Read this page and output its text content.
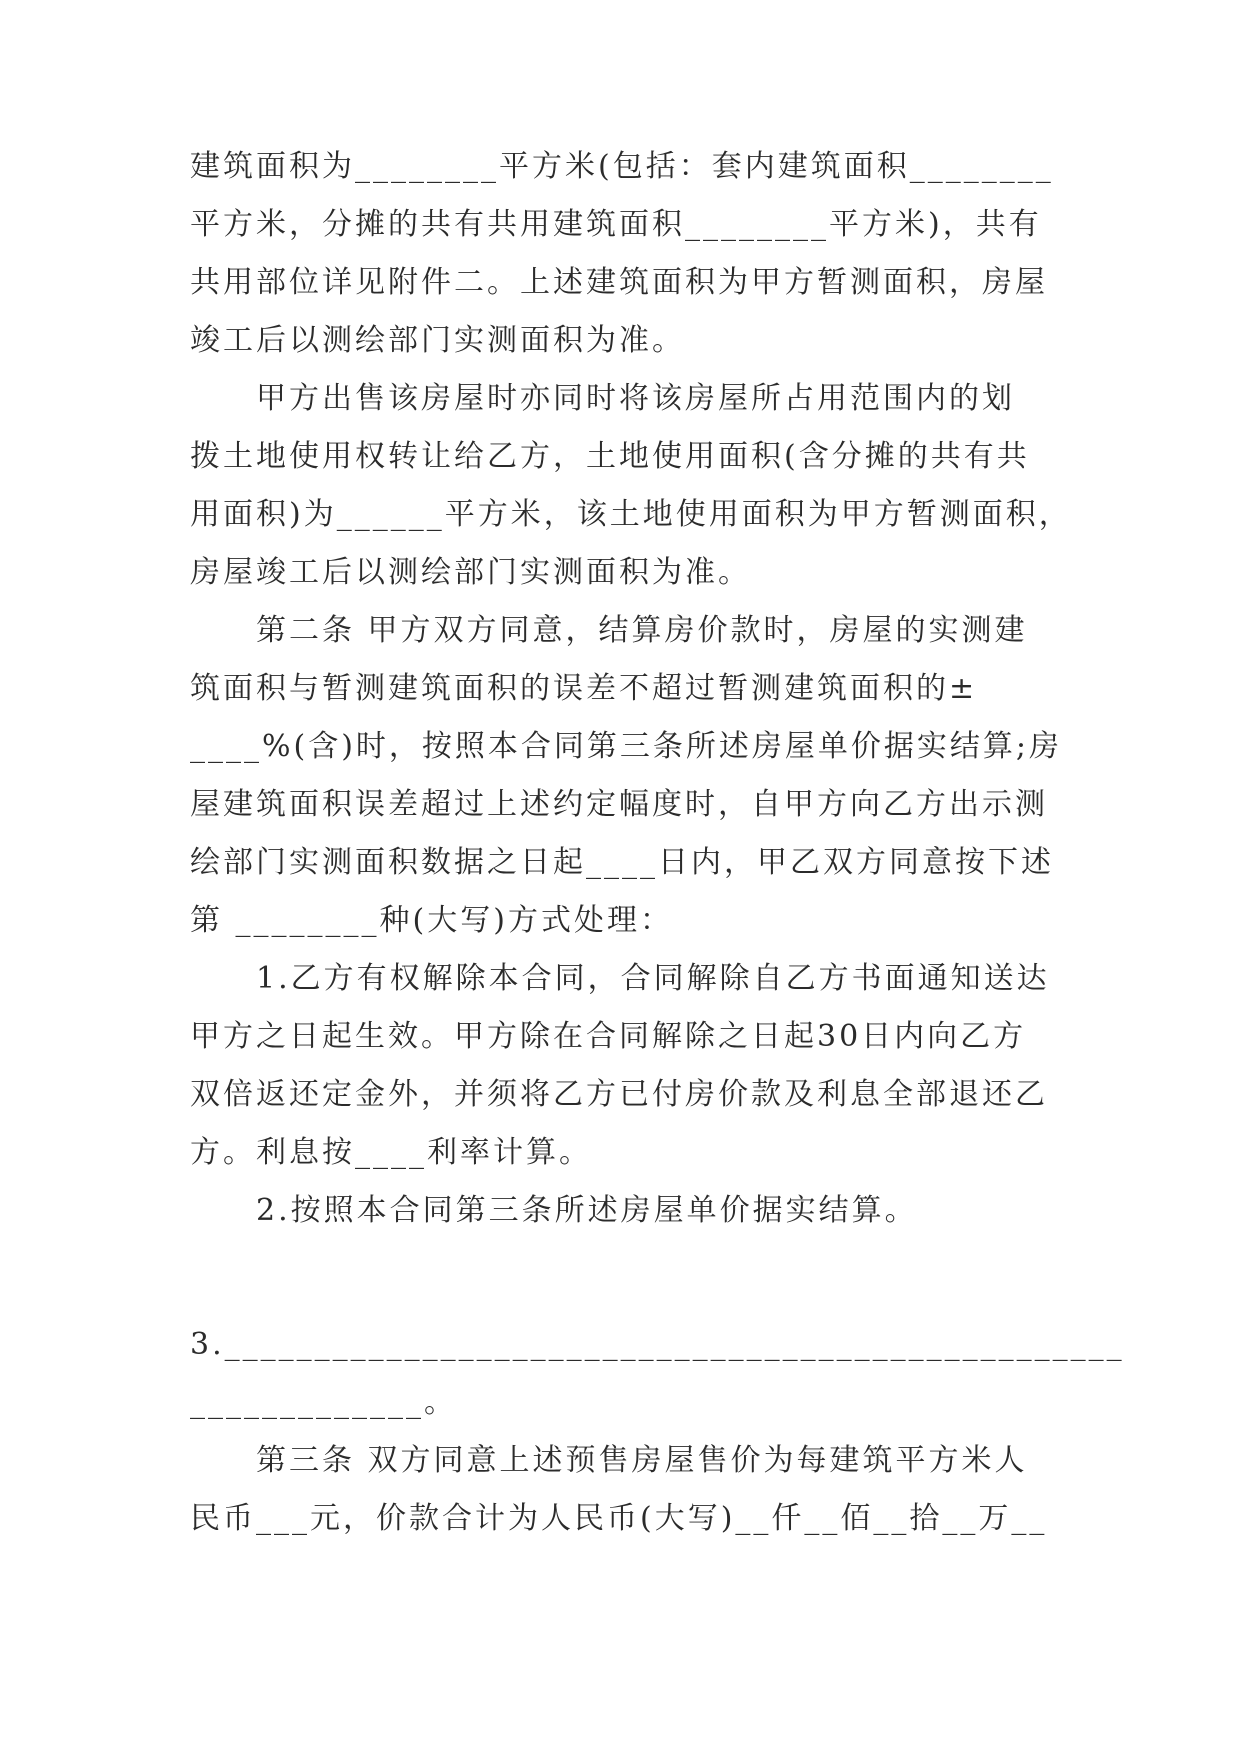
建筑面积为________平方米(包括：套内建筑面积________
平方米，分摊的共有共用建筑面积________平方米)，共有
共用部位详见附件二。上述建筑面积为甲方暂测面积，房屋
竣工后以测绘部门实测面积为准。
甲方出售该房屋时亦同时将该房屋所占用范围内的划
拨土地使用权转让给乙方，土地使用面积(含分摊的共有共
用面积)为______平方米，该土地使用面积为甲方暂测面积，
房屋竣工后以测绘部门实测面积为准。
第二条 甲方双方同意，结算房价款时，房屋的实测建
筑面积与暂测建筑面积的误差不超过暂测建筑面积的±
____%(含)时，按照本合同第三条所述房屋单价据实结算;房
屋建筑面积误差超过上述约定幅度时，自甲方向乙方出示测
绘部门实测面积数据之日起____日内，甲乙双方同意按下述
第 ________种(大写)方式处理：
1.乙方有权解除本合同，合同解除自乙方书面通知送达
甲方之日起生效。甲方除在合同解除之日起30日内向乙方
双倍返还定金外，并须将乙方已付房价款及利息全部退还乙
方。利息按____利率计算。
2.按照本合同第三条所述房屋单价据实结算。
3.__________________________________________________
_____________。
第三条 双方同意上述预售房屋售价为每建筑平方米人
民币___元，价款合计为人民币(大写)__仟__佰__拾__万__
